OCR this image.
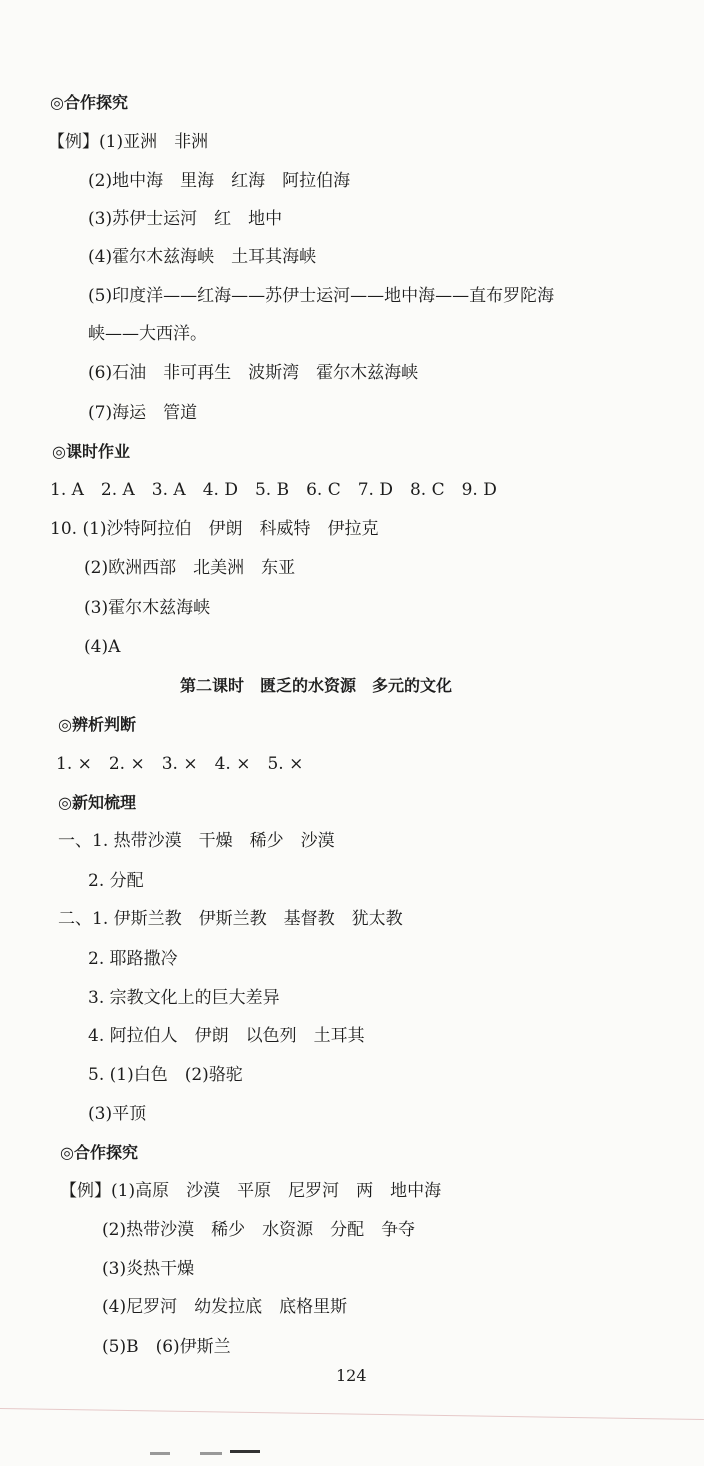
◎合作探究
【例】(1)亚洲　非洲
(2)地中海　里海　红海　阿拉伯海
(3)苏伊士运河　红　地中
(4)霍尔木兹海峡　土耳其海峡
(5)印度洋——红海——苏伊士运河——地中海——直布罗陀海
峡——大西洋。
(6)石油　非可再生　波斯湾　霍尔木兹海峡
(7)海运　管道
◎课时作业
1. A　2. A　3. A　4. D　5. B　6. C　7. D　8. C　9. D
10. (1)沙特阿拉伯　伊朗　科威特　伊拉克
(2)欧洲西部　北美洲　东亚
(3)霍尔木兹海峡
(4)A
第二课时　匮乏的水资源　多元的文化
◎辨析判断
1. ×　2. ×　3. ×　4. ×　5. ×
◎新知梳理
一、1. 热带沙漠　干燥　稀少　沙漠
2. 分配
二、1. 伊斯兰教　伊斯兰教　基督教　犹太教
2. 耶路撒冷
3. 宗教文化上的巨大差异
4. 阿拉伯人　伊朗　以色列　土耳其
5. (1)白色　(2)骆驼
(3)平顶
◎合作探究
【例】(1)高原　沙漠　平原　尼罗河　两　地中海
(2)热带沙漠　稀少　水资源　分配　争夺
(3)炎热干燥
(4)尼罗河　幼发拉底　底格里斯
(5)B　(6)伊斯兰
124
